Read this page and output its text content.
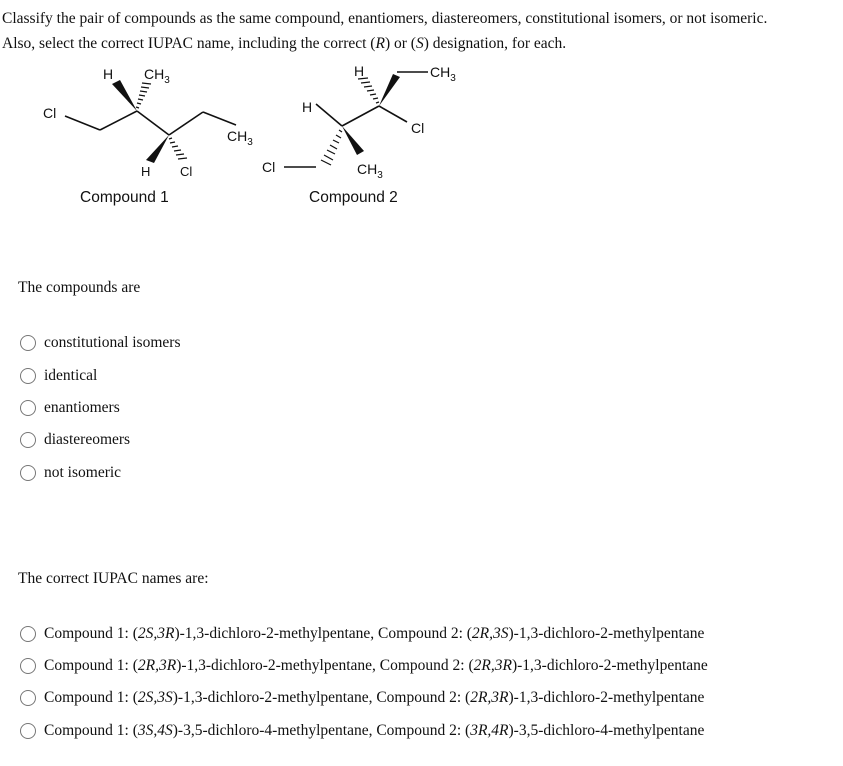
Classify the pair of compounds as the same compound, enantiomers, diastereomers, constitutional isomers, or not isomeric.
Also, select the correct IUPAC name, including the correct (R) or (S) designation, for each.
Cl
H $CH_3$
$CH_3$
H Cl
Compound 1
H	$CH_3$
H
Cl
Cl	$CH_3$
Compound 2
The compounds are
constitutional isomers
identical
enantiomers
diastereomers
not isomeric
The correct IUPAC names are:
Compound 1: (2S,3R)-1,3-dichloro-2-methylpentane, Compound 2: (2R,3S)-1,3-dichloro-2-methylpentane
Compound 1: (2R,3R)-1,3-dichloro-2-methylpentane, Compound 2: (2R,3R)-1,3-dichloro-2-methylpentane
Compound 1: (2S,3S)-1,3-dichloro-2-methylpentane, Compound 2: (2R,3R)-1,3-dichloro-2-methylpentane
Compound 1: (3S,4S)-3,5-dichloro-4-methylpentane, Compound 2: (3R,4R)-3,5-dichloro-4-methylpentane
